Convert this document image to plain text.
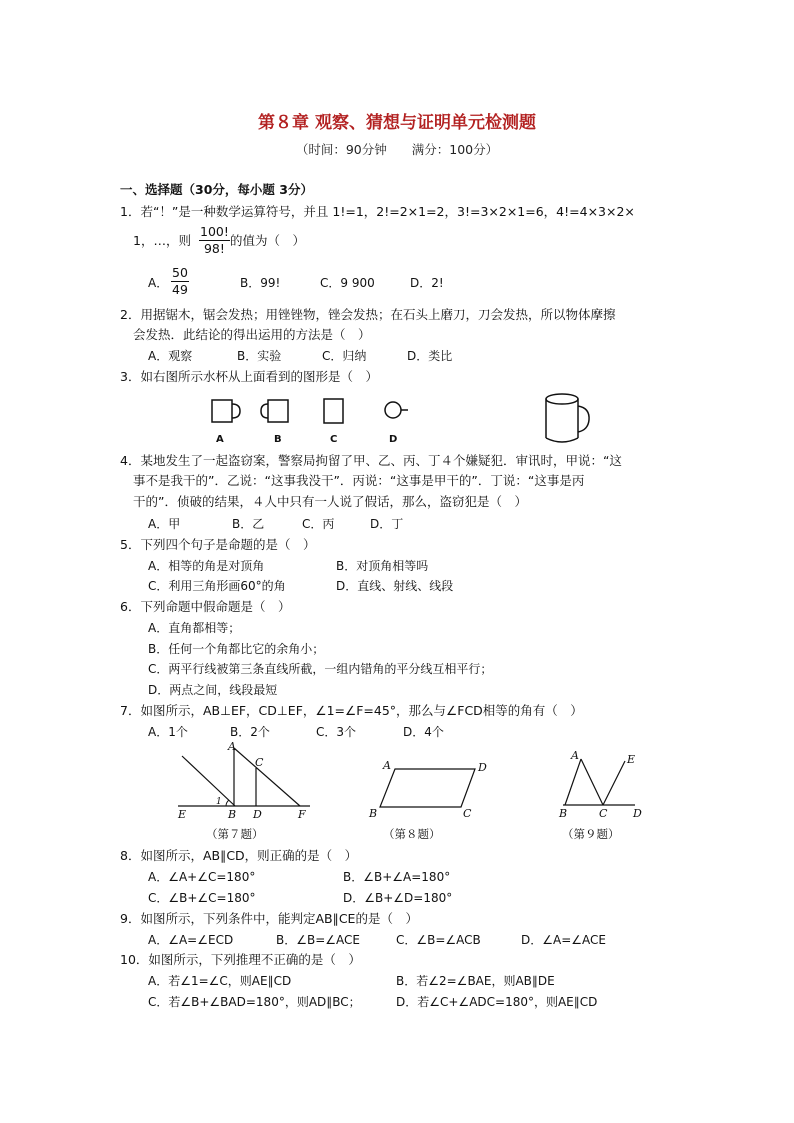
第８章 观察、猜想与证明单元检测题
（时间：90分钟　　满分：100分）
一、选择题（30分，每小题 3分）
1．若“！”是一种数学运算符号，并且 1!=1，2!=2×1=2，3!=3×2×1=6，4!=4×3×2×
1，…，则 $\frac{100!}{98!}$ 的值为（　）
A． $\frac{50}{49}$	B．99!	C．9 900	D．2!
2．用据锯木，锯会发热；用锉锉物，锉会发热；在石头上磨刀，刀会发热，所以物体摩擦
会发热．此结论的得出运用的方法是（　）
A．观察	B．实验	C．归纳	D．类比
3．如右图所示水杯从上面看到的图形是（　）
A	B	C	D
4．某地发生了一起盗窃案，警察局拘留了甲、乙、丙、丁４个嫌疑犯．审讯时，甲说：“这
事不是我干的”．乙说：“这事我没干”．丙说：“这事是甲干的”．丁说：“这事是丙
干的”．侦破的结果，４人中只有一人说了假话，那么，盗窃犯是（　）
A．甲	B．乙	C．丙	D．丁
5．下列四个句子是命题的是（　）
A．相等的角是对顶角	B．对顶角相等吗
C．利用三角形画60°的角	D．直线、射线、线段
6．下列命题中假命题是（　）
A．直角都相等；
B．任何一个角都比它的余角小；
C．两平行线被第三条直线所截，一组内错角的平分线互相平行；
D．两点之间，线段最短
7．如图所示，AB⊥EF，CD⊥EF，∠1=∠F=45°，那么与∠FCD相等的角有（　）
A．1个	B．2个	C．3个	D．4个
A
C
1
E	B D	F
（第７题）
A	D
B	C
（第８题）
A	E
B	C D
（第９题）
8．如图所示，AB∥CD，则正确的是（　）
A．∠A+∠C=180°	B．∠B+∠A=180°
C．∠B+∠C=180°	D．∠B+∠D=180°
9．如图所示，下列条件中，能判定AB∥CE的是（　）
A．∠A=∠ECD	B．∠B=∠ACE	C．∠B=∠ACB	D．∠A=∠ACE
10．如图所示，下列推理不正确的是（　）
A．若∠1=∠C，则AE∥CD	B．若∠2=∠BAE，则AB∥DE
C．若∠B+∠BAD=180°，则AD∥BC；	D．若∠C+∠ADC=180°，则AE∥CD
